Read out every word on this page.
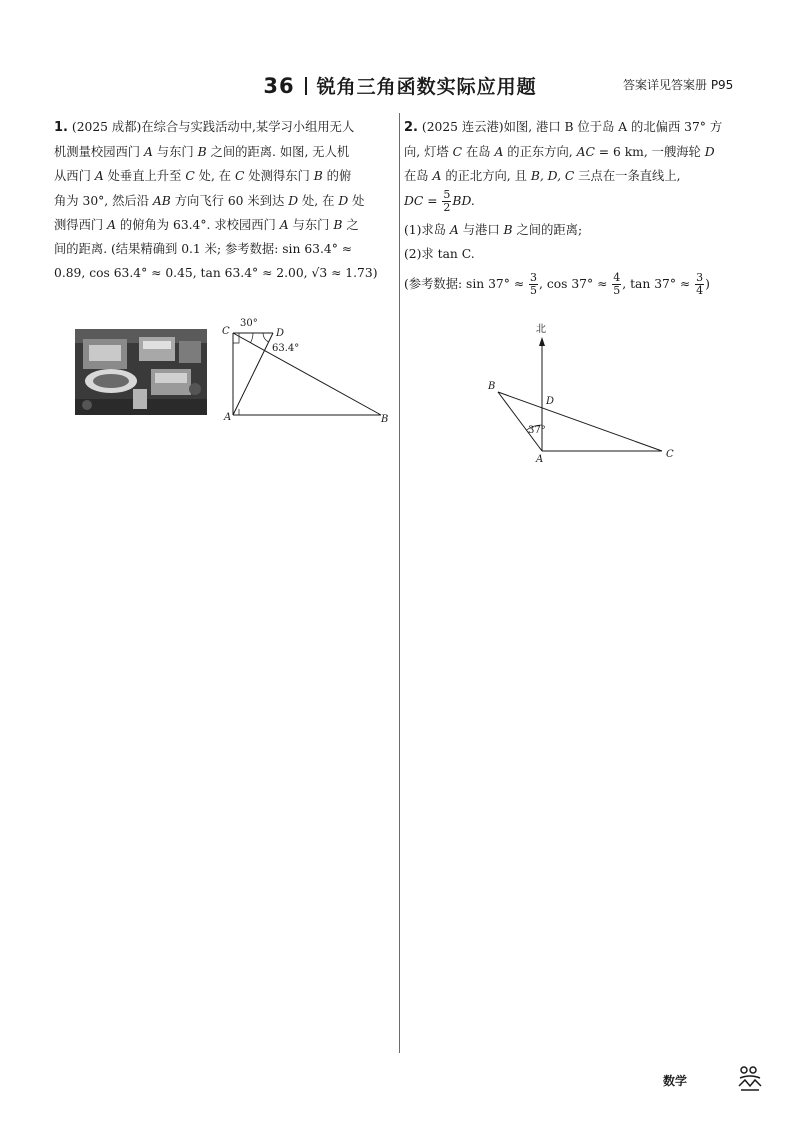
36 锐角三角函数实际应用题	答案详见答案册 P95

1. (2025 成都)在综合与实践活动中,某学习小组用无人
机测量校园西门 A 与东门 B 之间的距离. 如图, 无人机
从西门 A 处垂直上升至 C 处, 在 C 处测得东门 B 的俯
角为 30°, 然后沿 AB 方向飞行 60 米到达 D 处, 在 D 处
测得西门 A 的俯角为 63.4°. 求校园西门 A 与东门 B 之
间的距离. (结果精确到 0.1 米; 参考数据: sin 63.4° ≈
0.89, cos 63.4° ≈ 0.45, tan 63.4° ≈ 2.00, √3 ≈ 1.73)

30°
63.4°
C	D
A	B

2. (2025 连云港)如图, 港口 B 位于岛 A 的北偏西 37° 方
向, 灯塔 C 在岛 A 的正东方向, AC = 6 km, 一艘海轮 D
在岛 A 的正北方向, 且 B, D, C 三点在一条直线上,
DC = $\frac{5}{2}$ BD.

(1)求岛 A 与港口 B 之间的距离;

(2)求 tan C.

(参考数据: $\sin 37^\circ \approx \frac{3}{5}$ , $\cos 37^\circ \approx \frac{4}{5}$ , $\tan 37^\circ \approx \frac{3}{4}$ )

北
B
D
37°
A	C
数学
